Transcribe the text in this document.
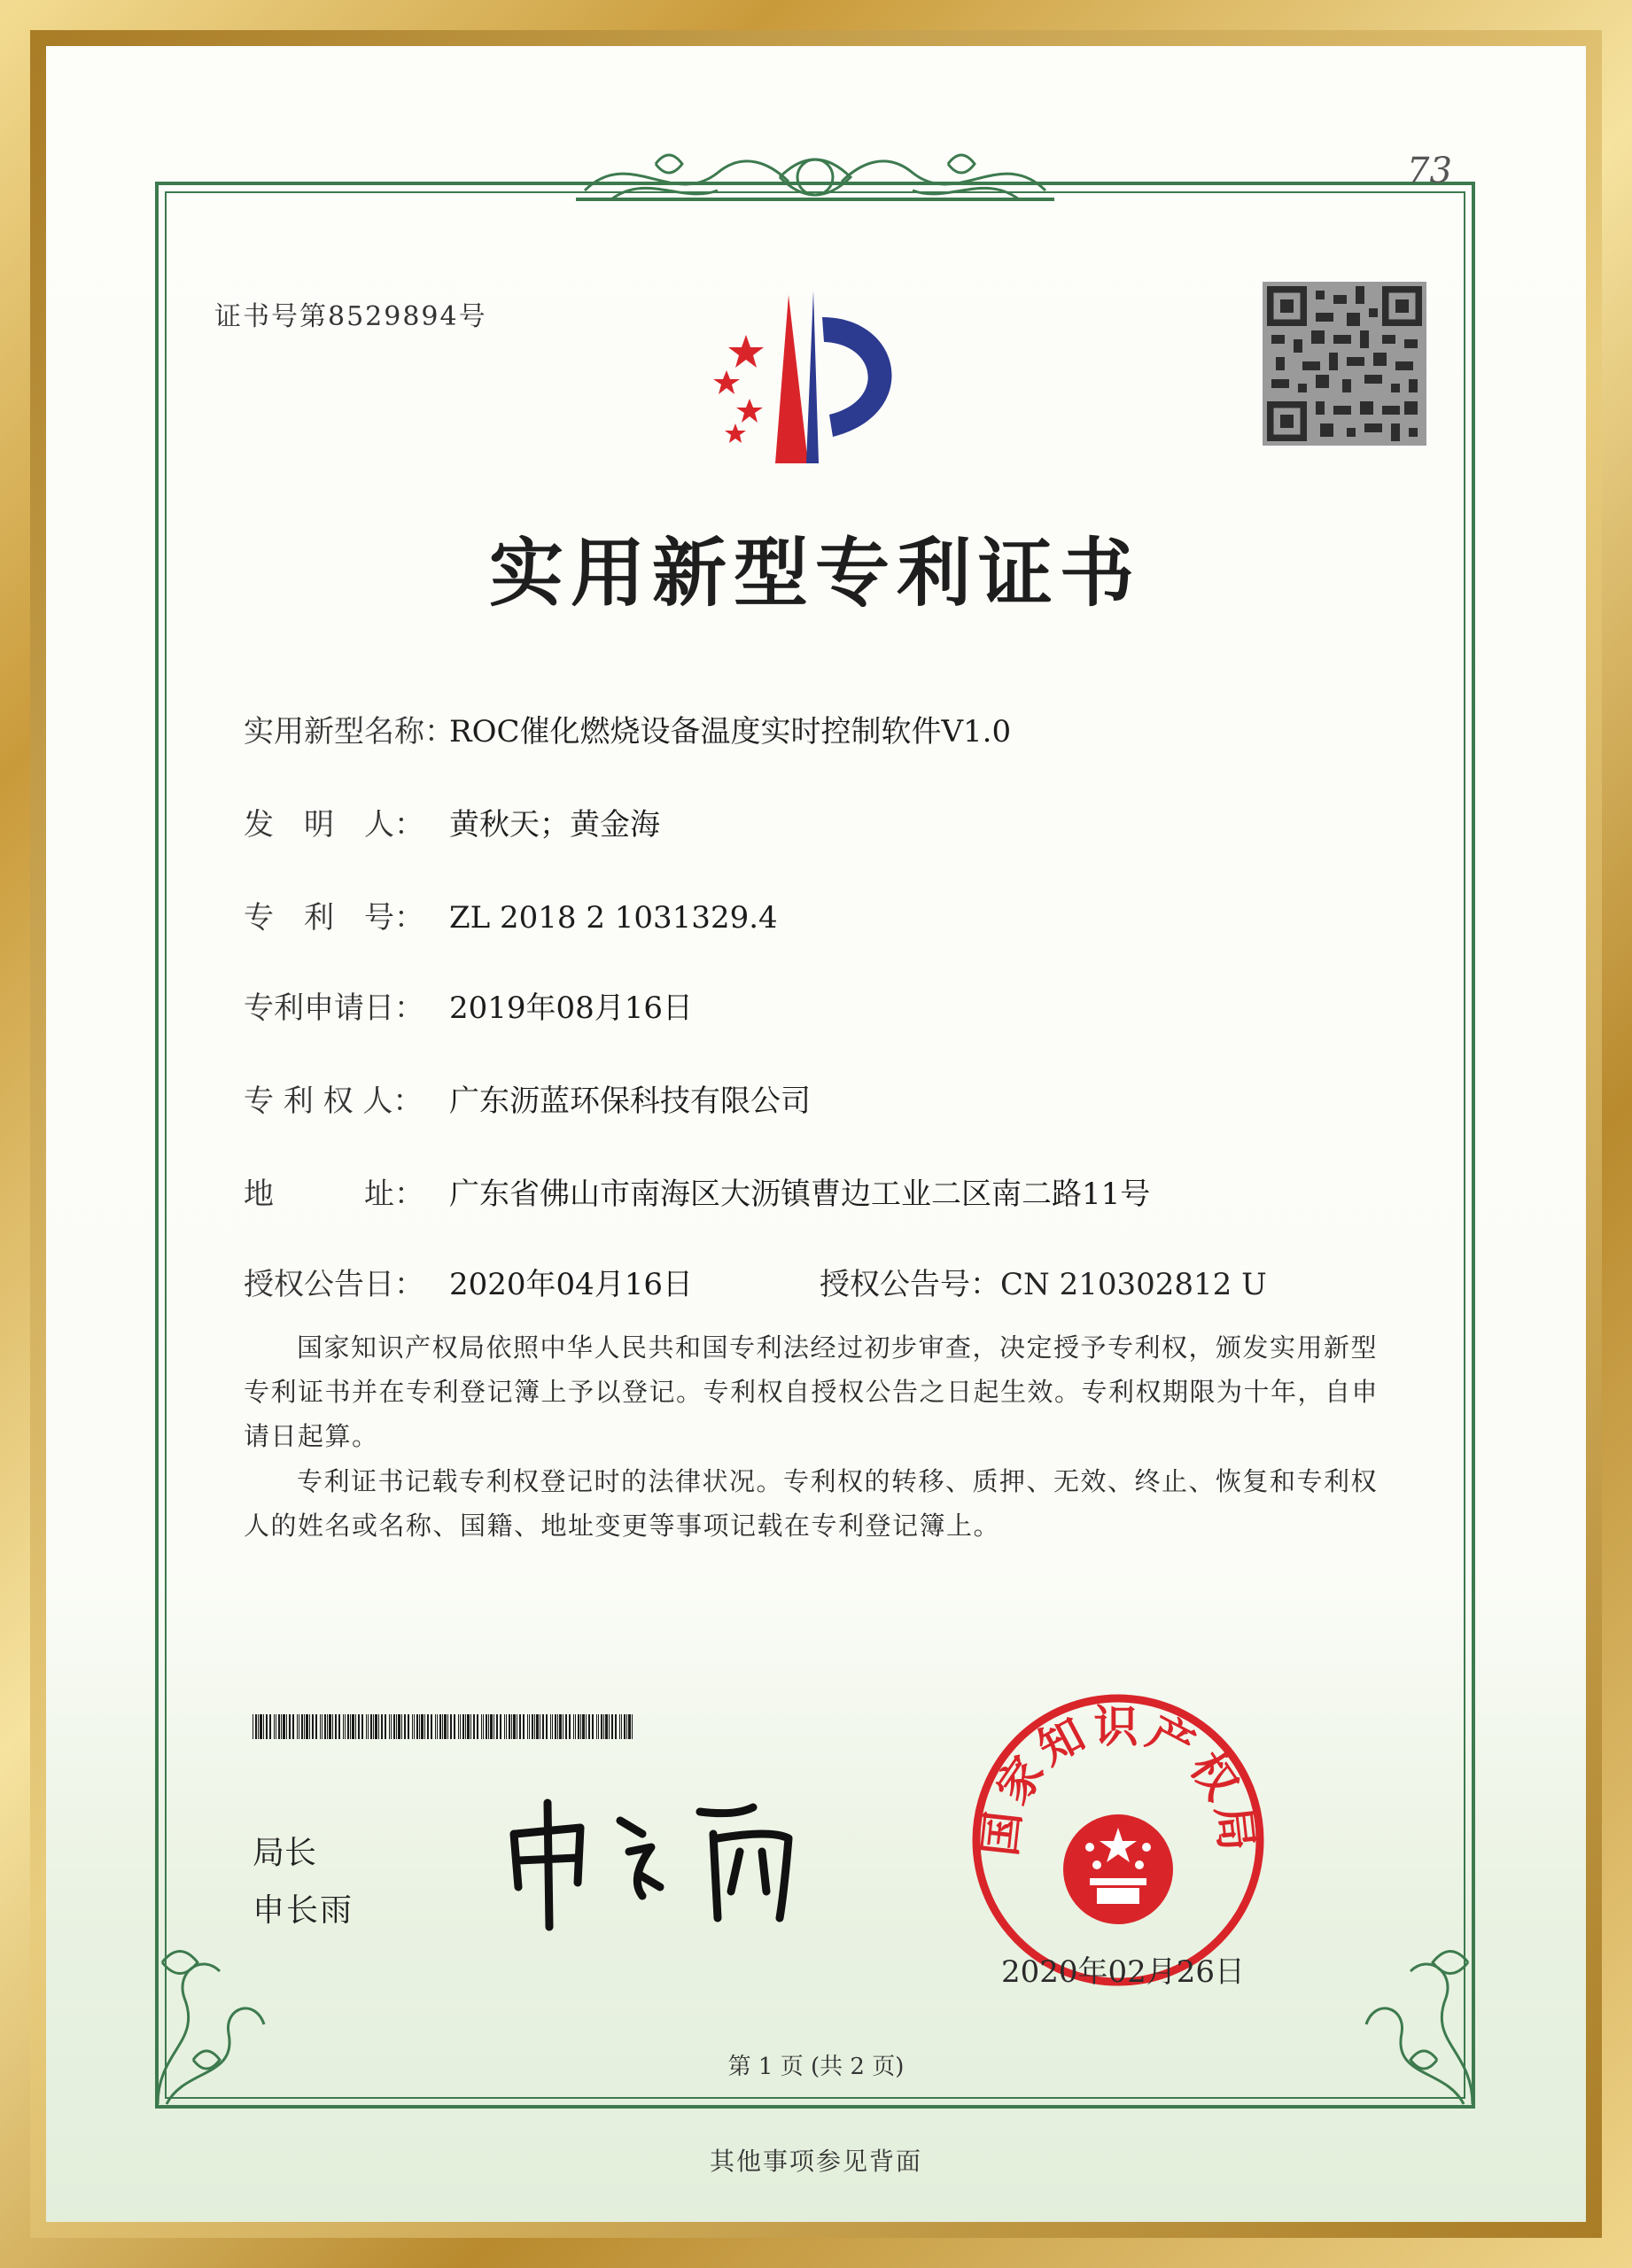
73
证书号第8529894号
实用新型专利证书
实用新型名称：ROC催化燃烧设备温度实时控制软件V1.0
发　明　人： 黄秋天；黄金海
专　利　号： ZL 2018 2 1031329.4
专利申请日： 2019年08月16日
专 利 权 人： 广东沥蓝环保科技有限公司
地　　　址： 广东省佛山市南海区大沥镇曹边工业二区南二路11号
授权公告日： 2020年04月16日	授权公告号：CN 210302812 U
国家知识产权局依照中华人民共和国专利法经过初步审查，决定授予专利权，颁发实用新型专利证书并在专利登记簿上予以登记。专利权自授权公告之日起生效。专利权期限为十年，自申请日起算。
专利证书记载专利权登记时的法律状况。专利权的转移、质押、无效、终止、恢复和专利权人的姓名或名称、国籍、地址变更等事项记载在专利登记簿上。
局长
申长雨
国家知识产权局
2020年02月26日
第 1 页 (共 2 页)
其他事项参见背面
